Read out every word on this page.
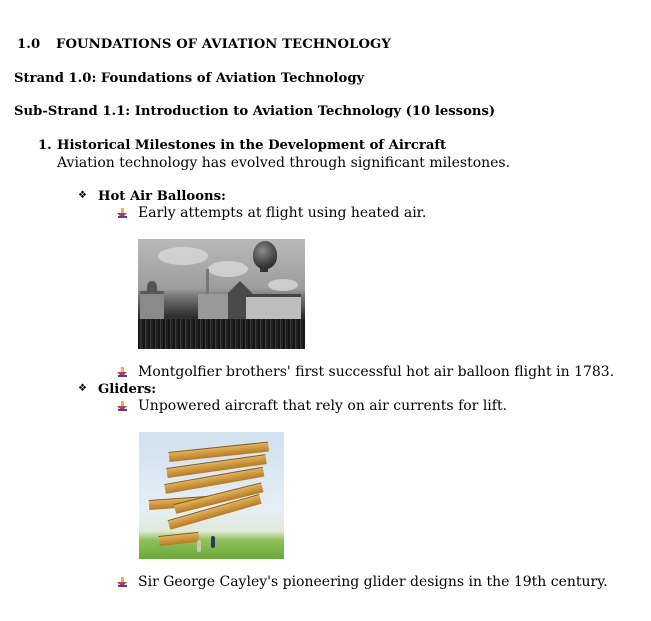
1.0 FOUNDATIONS OF AVIATION TECHNOLOGY
Strand 1.0: Foundations of Aviation Technology
Sub-Strand 1.1: Introduction to Aviation Technology (10 lessons)
1. Historical Milestones in the Development of Aircraft
Aviation technology has evolved through significant milestones.
❖ Hot Air Balloons:
Early attempts at flight using heated air.
Montgolfier brothers' first successful hot air balloon flight in 1783.
❖ Gliders:
Unpowered aircraft that rely on air currents for lift.
Sir George Cayley's pioneering glider designs in the 19th century.
